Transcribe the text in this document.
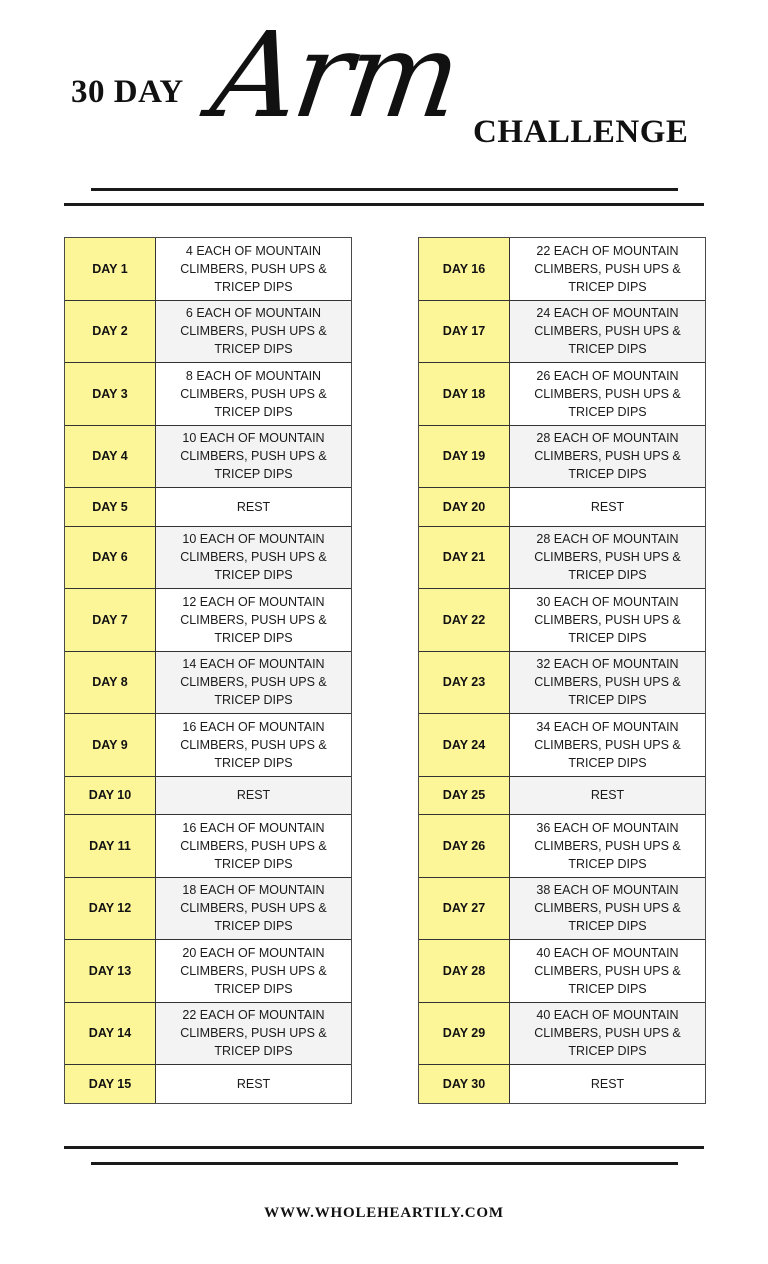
30 DAY Arm CHALLENGE
DAY 1
4 EACH OF MOUNTAIN CLIMBERS, PUSH UPS & TRICEP DIPS
DAY 2
6 EACH OF MOUNTAIN CLIMBERS, PUSH UPS & TRICEP DIPS
DAY 3
8 EACH OF MOUNTAIN CLIMBERS, PUSH UPS & TRICEP DIPS
DAY 4
10 EACH OF MOUNTAIN CLIMBERS, PUSH UPS & TRICEP DIPS
DAY 5	REST
DAY 6
10 EACH OF MOUNTAIN CLIMBERS, PUSH UPS & TRICEP DIPS
DAY 7
12 EACH OF MOUNTAIN CLIMBERS, PUSH UPS & TRICEP DIPS
DAY 8
14 EACH OF MOUNTAIN CLIMBERS, PUSH UPS & TRICEP DIPS
DAY 9
16 EACH OF MOUNTAIN CLIMBERS, PUSH UPS & TRICEP DIPS
DAY 10	REST
DAY 11
16 EACH OF MOUNTAIN CLIMBERS, PUSH UPS & TRICEP DIPS
DAY 12
18 EACH OF MOUNTAIN CLIMBERS, PUSH UPS & TRICEP DIPS
DAY 13
20 EACH OF MOUNTAIN CLIMBERS, PUSH UPS & TRICEP DIPS
DAY 14
22 EACH OF MOUNTAIN CLIMBERS, PUSH UPS & TRICEP DIPS
DAY 15	REST
DAY 16
22 EACH OF MOUNTAIN CLIMBERS, PUSH UPS & TRICEP DIPS
DAY 17
24 EACH OF MOUNTAIN CLIMBERS, PUSH UPS & TRICEP DIPS
DAY 18
26 EACH OF MOUNTAIN CLIMBERS, PUSH UPS & TRICEP DIPS
DAY 19
28 EACH OF MOUNTAIN CLIMBERS, PUSH UPS & TRICEP DIPS
DAY 20	REST
DAY 21
28 EACH OF MOUNTAIN CLIMBERS, PUSH UPS & TRICEP DIPS
DAY 22
30 EACH OF MOUNTAIN CLIMBERS, PUSH UPS & TRICEP DIPS
DAY 23
32 EACH OF MOUNTAIN CLIMBERS, PUSH UPS & TRICEP DIPS
DAY 24
34 EACH OF MOUNTAIN CLIMBERS, PUSH UPS & TRICEP DIPS
DAY 25	REST
DAY 26
36 EACH OF MOUNTAIN CLIMBERS, PUSH UPS & TRICEP DIPS
DAY 27
38 EACH OF MOUNTAIN CLIMBERS, PUSH UPS & TRICEP DIPS
DAY 28
40 EACH OF MOUNTAIN CLIMBERS, PUSH UPS & TRICEP DIPS
DAY 29
40 EACH OF MOUNTAIN CLIMBERS, PUSH UPS & TRICEP DIPS
DAY 30	REST
WWW.WHOLEHEARTILY.COM
